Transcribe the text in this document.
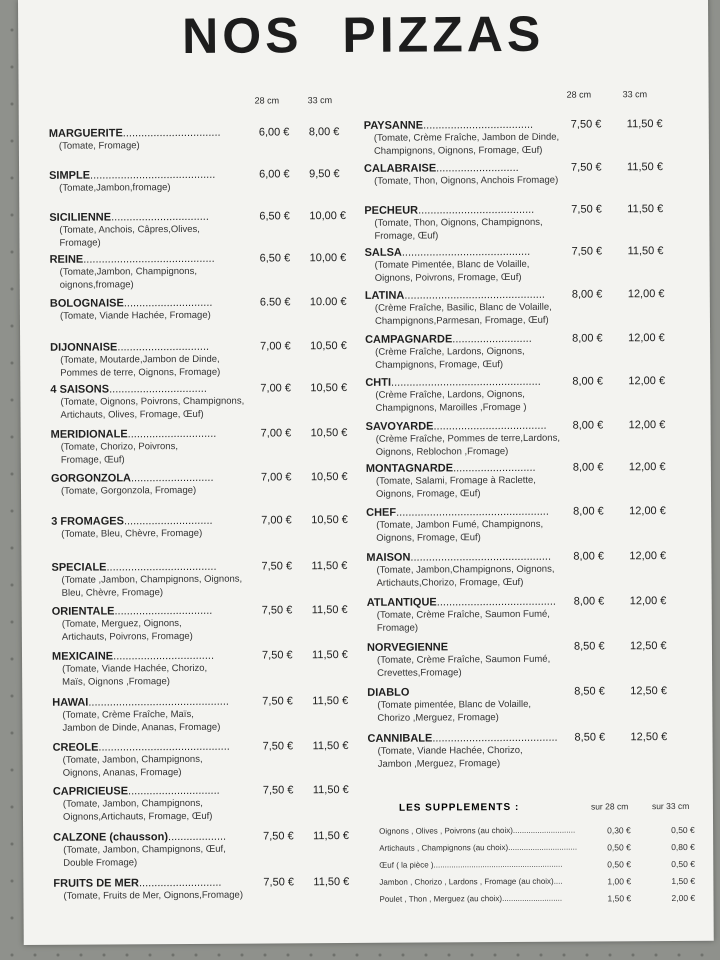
NOS PIZZAS
28 cm	33 cm
28 cm	33 cm
MARGUERITE................................
(Tomate, Fromage)
6,00 € 8,00 €
SIMPLE.........................................
(Tomate,Jambon,fromage)
6,00 € 9,50 €
SICILIENNE................................
(Tomate, Anchois, Câpres,Olives,
Fromage)
6,50 € 10,00 €
REINE...........................................
(Tomate,Jambon, Champignons,
oignons,fromage)
6,50 € 10,00 €
BOLOGNAISE.............................
(Tomate, Viande Hachée, Fromage)
6.50 € 10.00 €
DIJONNAISE..............................
(Tomate, Moutarde,Jambon de Dinde,
Pommes de terre, Oignons, Fromage)
7,00 € 10,50 €
4 SAISONS................................
(Tomate, Oignons, Poivrons, Champignons,
Artichauts, Olives, Fromage, Œuf)
7,00 € 10,50 €
MERIDIONALE.............................
(Tomate, Chorizo, Poivrons,
Fromage, Œuf)
7,00 € 10,50 €
GORGONZOLA...........................
(Tomate, Gorgonzola, Fromage)
7,00 € 10,50 €
3 FROMAGES.............................
(Tomate, Bleu, Chèvre, Fromage)
7,00 € 10,50 €
SPECIALE....................................
(Tomate ,Jambon, Champignons, Oignons,
Bleu, Chèvre, Fromage)
7,50 € 11,50 €
ORIENTALE................................
(Tomate, Merguez, Oignons,
Artichauts, Poivrons, Fromage)
7,50 € 11,50 €
MEXICAINE.................................
(Tomate, Viande Hachée, Chorizo,
Maïs, Oignons ,Fromage)
7,50 € 11,50 €
HAWAI..............................................
(Tomate, Crème Fraîche, Maïs,
Jambon de Dinde, Ananas, Fromage)
7,50 € 11,50 €
CREOLE...........................................
(Tomate, Jambon, Champignons,
Oignons, Ananas, Fromage)
7,50 € 11,50 €
CAPRICIEUSE..............................
(Tomate, Jambon, Champignons,
Oignons,Artichauts, Fromage, Œuf)
7,50 € 11,50 €
CALZONE (chausson)...................
(Tomate, Jambon, Champignons, Œuf,
Double Fromage)
7,50 € 11,50 €
FRUITS DE MER...........................
(Tomate, Fruits de Mer, Oignons,Fromage)
7,50 € 11,50 €
PAYSANNE....................................
(Tomate, Crème Fraîche, Jambon de Dinde,
Champignons, Oignons, Fromage, Œuf)
7,50 € 11,50 €
CALABRAISE...........................
(Tomate, Thon, Oignons, Anchois Fromage)
7,50 € 11,50 €
PECHEUR......................................
(Tomate, Thon, Oignons, Champignons,
Fromage, Œuf)
7,50 € 11,50 €
SALSA..........................................
(Tomate Pimentée, Blanc de Volaille,
Oignons, Poivrons, Fromage, Œuf)
7,50 € 11,50 €
LATINA..............................................
(Crème Fraîche, Basilic, Blanc de Volaille,
Champignons,Parmesan, Fromage, Œuf)
8,00 € 12,00 €
CAMPAGNARDE..........................
(Crème Fraîche, Lardons, Oignons,
Champignons, Fromage, Œuf)
8,00 € 12,00 €
CHTI.................................................
(Crème Fraîche, Lardons, Oignons,
Champignons, Maroilles ,Fromage )
8,00 € 12,00 €
SAVOYARDE.....................................
(Crème Fraîche, Pommes de terre,Lardons,
Oignons, Reblochon ,Fromage)
8,00 € 12,00 €
MONTAGNARDE...........................
(Tomate, Salami, Fromage à Raclette,
Oignons, Fromage, Œuf)
8,00 € 12,00 €
CHEF..................................................
(Tomate, Jambon Fumé, Champignons,
Oignons, Fromage, Œuf)
8,00 € 12,00 €
MAISON..............................................
(Tomate, Jambon,Champignons, Oignons,
Artichauts,Chorizo, Fromage, Œuf)
8,00 € 12,00 €
ATLANTIQUE.......................................
(Tomate, Crème Fraîche, Saumon Fumé,
Fromage)
8,00 € 12,00 €
NORVEGIENNE
(Tomate, Crème Fraîche, Saumon Fumé,
Crevettes,Fromage)
8,50 € 12,50 €
DIABLO
(Tomate pimentée, Blanc de Volaille,
Chorizo ,Merguez, Fromage)
8,50 € 12,50 €
CANNIBALE.........................................
(Tomate, Viande Hachée, Chorizo,
Jambon ,Merguez, Fromage)
8,50 € 12,50 €
LES SUPPLEMENTS :	sur 28 cm	sur 33 cm
Oignons , Olives , Poivrons (au choix)............................	0,30 €	0,50 €
Artichauts , Champignons (au choix)...............................	0,50 €	0,80 €
Œuf ( la pièce )..........................................................	0,50 €	0,50 €
Jambon , Chorizo , Lardons , Fromage (au choix)....	1,00 €	1,50 €
Poulet , Thon , Merguez (au choix)...........................	1,50 €	2,00 €
